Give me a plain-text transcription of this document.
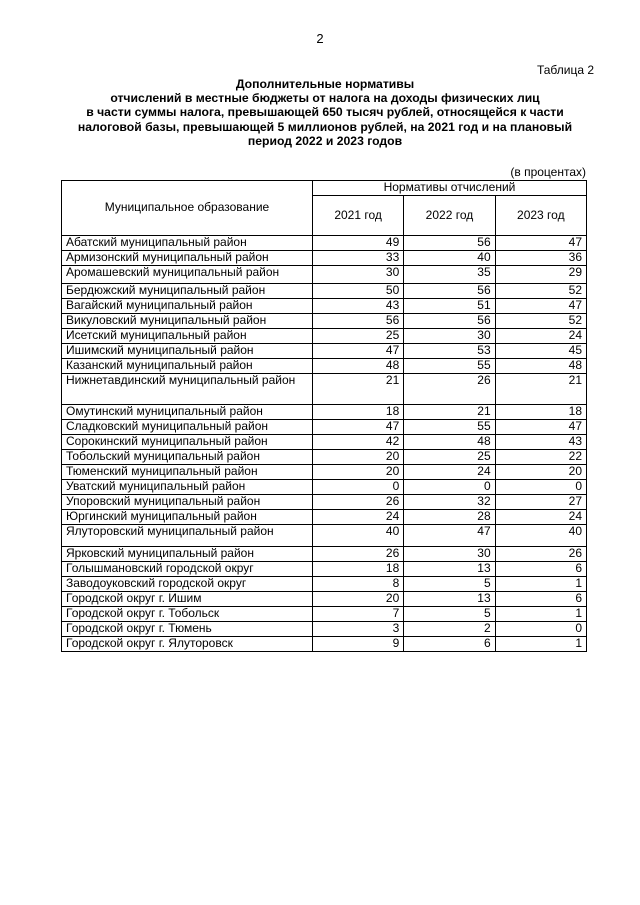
2
Таблица 2
Дополнительные нормативы
отчислений в местные бюджеты от налога на доходы физических лиц
в части суммы налога, превышающей 650 тысяч рублей, относящейся к части
налоговой базы, превышающей 5 миллионов рублей, на 2021 год и на плановый
период 2022 и 2023 годов
(в процентах)
Муниципальное образование	Нормативы отчислений		
	2021 год	2022 год	2023 год
Абатский муниципальный район	49	56	47
Армизонский муниципальный район	33	40	36
Аромашевский муниципальный район	30	35	29
Бердюжский муниципальный район	50	56	52
Вагайский муниципальный район	43	51	47
Викуловский муниципальный район	56	56	52
Исетский муниципальный район	25	30	24
Ишимский муниципальный район	47	53	45
Казанский муниципальный район	48	55	48
Нижнетавдинский муниципальный район	21	26	21
Омутинский муниципальный район	18	21	18
Сладковский муниципальный район	47	55	47
Сорокинский муниципальный район	42	48	43
Тобольский муниципальный район	20	25	22
Тюменский муниципальный район	20	24	20
Уватский муниципальный район	0	0	0
Упоровский муниципальный район	26	32	27
Юргинский муниципальный район	24	28	24
Ялуторовский муниципальный район	40	47	40
Ярковский муниципальный район	26	30	26
Голышмановский городской округ	18	13	6
Заводоуковский городской округ	8	5	1
Городской округ г. Ишим	20	13	6
Городской округ г. Тобольск	7	5	1
Городской округ г. Тюмень	3	2	0
Городской округ г. Ялуторовск	9	6	1
